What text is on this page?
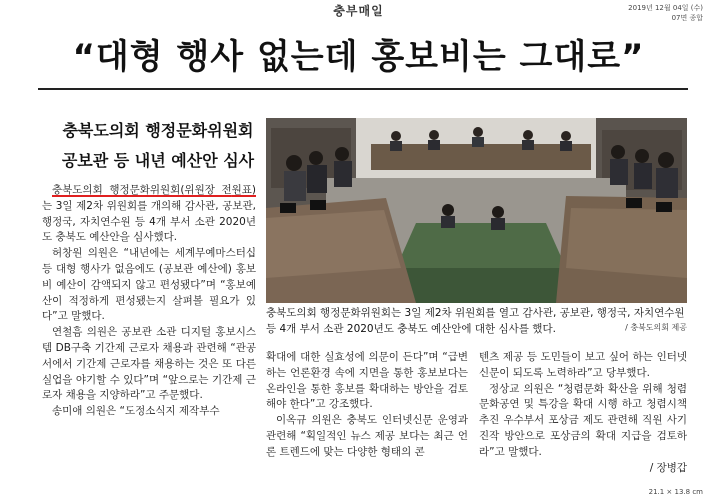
충부매일	2019년 12월 04일 (수)
07면 종합
“대형 행사 없는데 홍보비는 그대로”
충북도의회 행정문화위원회
공보관 등 내년 예산안 심사

충북도의회 행정문화위원회(위원장 전원표)는 3일 제2차 위원회를 개의해 감사관, 공보관, 행정국, 자치연수원 등 4개 부서 소관 2020년도 충북도 예산안을 심사했다.

허창원 의원은 “내년에는 세계무예마스터십 등 대형 행사가 없음에도 (공보관 예산에) 홍보비 예산이 감액되지 않고 편성됐다”며 “홍보예산이 적정하게 편성됐는지 살펴볼 필요가 있다”고 말했다.

연철흠 의원은 공보관 소관 디지털 홍보시스템 DB구축 기간제 근로자 채용과 관련해 “관공서에서 기간제 근로자를 채용하는 것은 또 다른 실업을 야기할 수 있다”며 “앞으로는 기간제 근로자 채용을 지양하라”고 주문했다.

송미애 의원은 “도정소식지 제작부수

충북도의회 행정문화위원회는 3일 제2차 위원회를 열고 감사관, 공보관, 행정국, 자치연수원 등 4개 부서 소관 2020년도 충북도 예산안에 대한 심사를 했다.	/ 충북도의회 제공

확대에 대한 실효성에 의문이 든다”며 “급변하는 언론환경 속에 지면을 통한 홍보보다는 온라인을 통한 홍보를 확대하는 방안을 검토해야 한다”고 강조했다.

이옥규 의원은 충북도 인터넷신문 운영과 관련해 “획일적인 뉴스 제공 보다는 최근 언론 트렌드에 맞는 다양한 형태의 콘

텐츠 제공 등 도민들이 보고 싶어 하는 인터넷신문이 되도록 노력하라”고 당부했다.

정상교 의원은 “청렴문화 확산을 위해 청렴 문화공연 및 특강을 확대 시행 하고 청렴시책 추진 우수부서 포상금 제도 관련해 직원 사기 진작 방안으로 포상금의 확대 지급을 검토하라”고 말했다.

/ 장병갑
21.1 × 13.8 cm
